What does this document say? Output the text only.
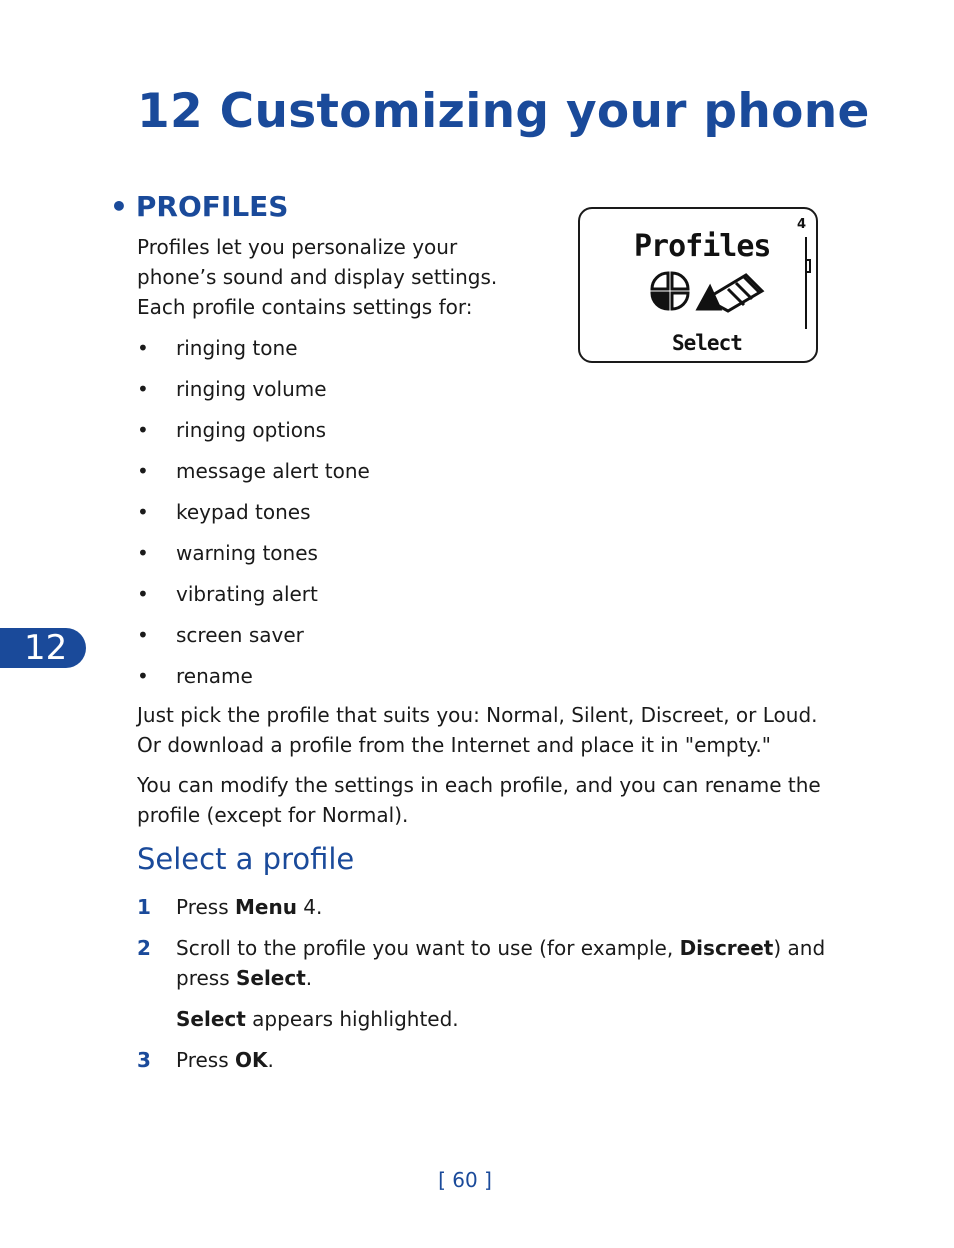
12 Customizing your phone
• PROFILES

Profiles let you personalize your phone’s sound and display settings. Each profile contains settings for:

• ringing tone
• ringing volume
• ringing options
• message alert tone
• keypad tones
• warning tones
• vibrating alert
• screen saver
• rename

Just pick the profile that suits you: Normal, Silent, Discreet, or Loud. Or download a profile from the Internet and place it in "empty."

You can modify the settings in each profile, and you can rename the profile (except for Normal).

Select a profile
1 Press Menu 4.
2 Scroll to the profile you want to use (for example, Discreet) and press Select.
Select appears highlighted.
3 Press OK.
12
4
Profiles
Select
[ 60 ]
